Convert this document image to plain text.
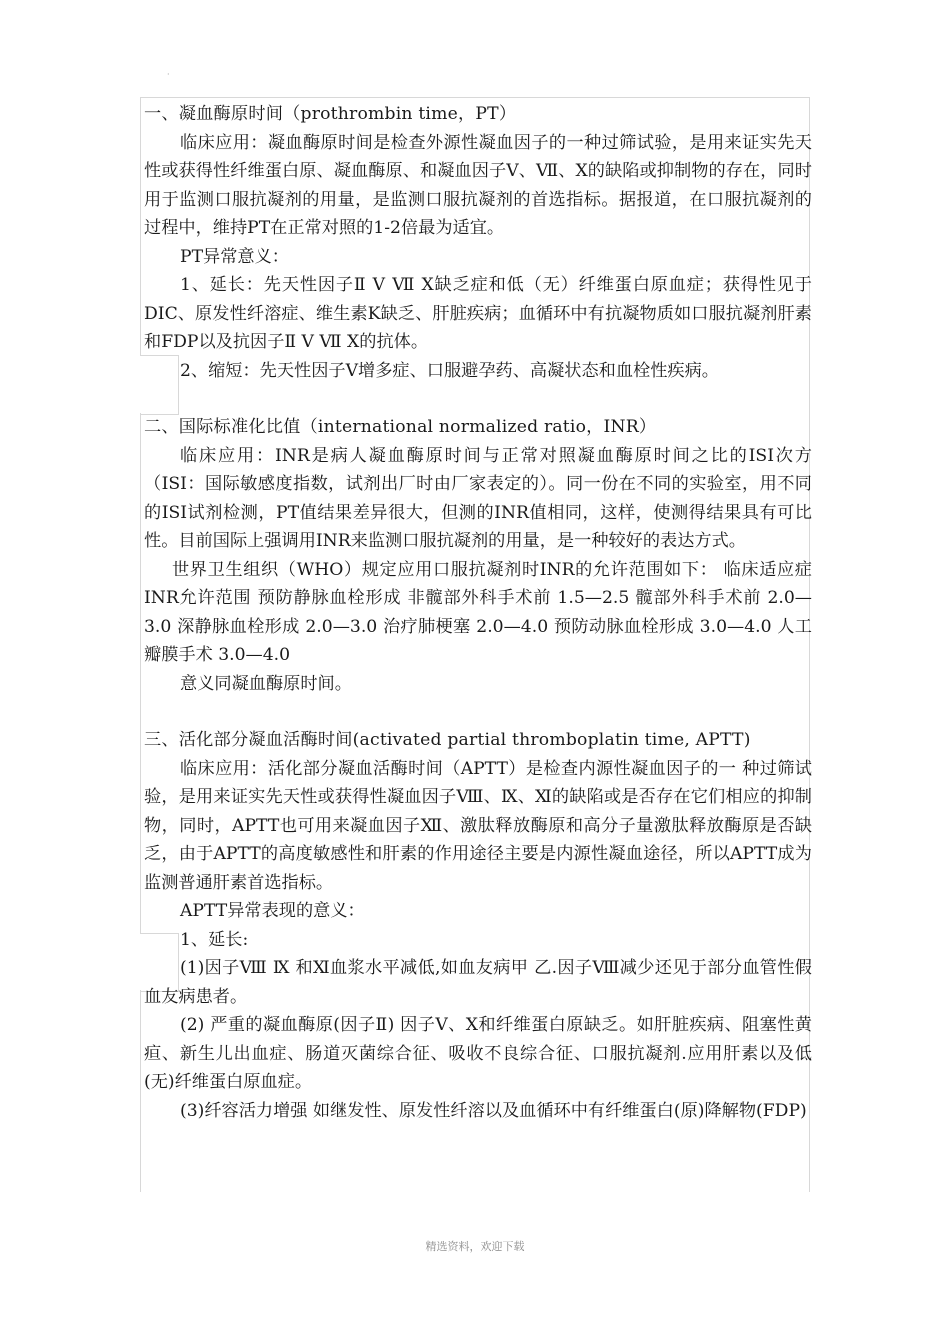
·

一、凝血酶原时间（prothrombin time，PT）

临床应用：凝血酶原时间是检查外源性凝血因子的一种过筛试验，是用来证实先天性或获得性纤维蛋白原、凝血酶原、和凝血因子Ⅴ、Ⅶ、Ⅹ的缺陷或抑制物的存在，同时用于监测口服抗凝剂的用量，是监测口服抗凝剂的首选指标。据报道，在口服抗凝剂的过程中，维持PT在正常对照的1-2倍最为适宜。

PT异常意义：

1、延长：先天性因子Ⅱ Ⅴ Ⅶ Ⅹ缺乏症和低（无）纤维蛋白原血症；获得性见于DIC、原发性纤溶症、维生素K缺乏、肝脏疾病；血循环中有抗凝物质如口服抗凝剂肝素和FDP以及抗因子Ⅱ Ⅴ Ⅶ Ⅹ的抗体。

2、缩短：先天性因子Ⅴ增多症、口服避孕药、高凝状态和血栓性疾病。

二、国际标准化比值（international normalized ratio，INR）

临床应用：INR是病人凝血酶原时间与正常对照凝血酶原时间之比的ISI次方（ISI：国际敏感度指数，试剂出厂时由厂家表定的）。同一份在不同的实验室，用不同的ISI试剂检测，PT值结果差异很大，但测的INR值相同，这样，使测得结果具有可比性。目前国际上强调用INR来监测口服抗凝剂的用量，是一种较好的表达方式。

世界卫生组织（WHO）规定应用口服抗凝剂时INR的允许范围如下： 临床适应症 INR允许范围 预防静脉血栓形成 非髋部外科手术前 1.5—2.5 髋部外科手术前 2.0—3.0 深静脉血栓形成 2.0—3.0 治疗肺梗塞 2.0—4.0 预防动脉血栓形成 3.0—4.0 人工瓣膜手术 3.0—4.0

意义同凝血酶原时间。

三、活化部分凝血活酶时间(activated partial thromboplatin time, APTT)

临床应用：活化部分凝血活酶时间（APTT）是检查内源性凝血因子的一 种过筛试验，是用来证实先天性或获得性凝血因子Ⅷ、Ⅸ、Ⅺ的缺陷或是否存在它们相应的抑制物，同时，APTT也可用来凝血因子Ⅻ、激肽释放酶原和高分子量激肽释放酶原是否缺乏，由于APTT的高度敏感性和肝素的作用途径主要是内源性凝血途径，所以APTT成为监测普通肝素首选指标。

APTT异常表现的意义：

1、延长:

(1)因子Ⅷ Ⅸ 和Ⅺ血浆水平减低,如血友病甲 乙.因子Ⅷ减少还见于部分血管性假血友病患者。

(2) 严重的凝血酶原(因子Ⅱ) 因子Ⅴ、Ⅹ和纤维蛋白原缺乏。如肝脏疾病、阻塞性黄疸、新生儿出血症、肠道灭菌综合征、吸收不良综合征、口服抗凝剂.应用肝素以及低(无)纤维蛋白原血症。

(3)纤容活力增强 如继发性、原发性纤溶以及血循环中有纤维蛋白(原)降解物(FDP)

精选资料，欢迎下载
